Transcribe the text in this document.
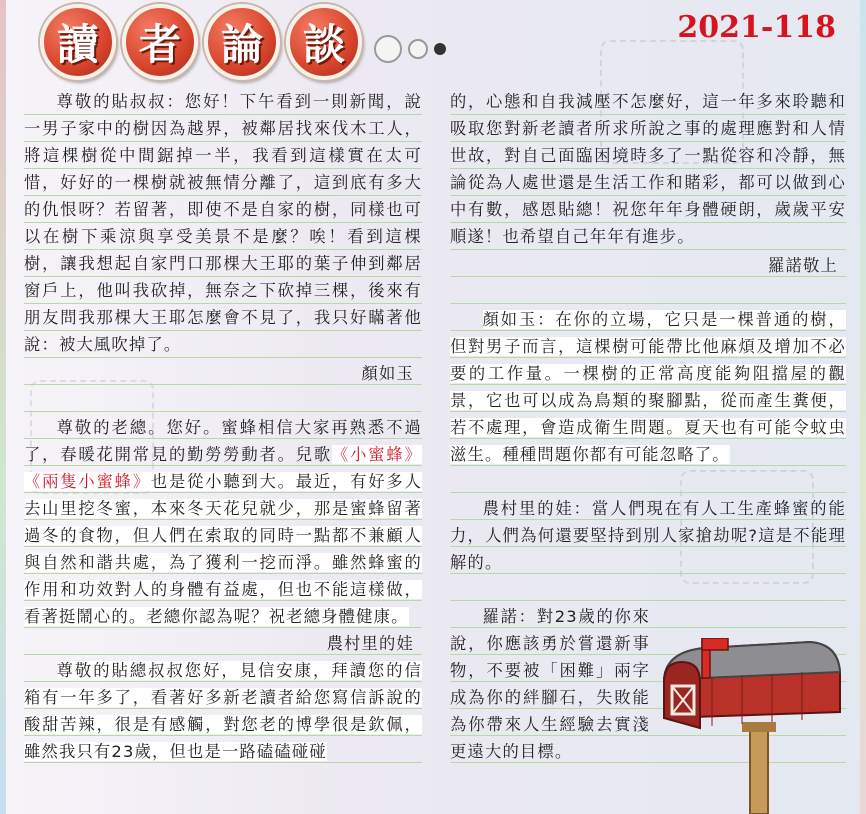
讀 者 論 談	2021-118

尊敬的貼叔叔：您好！下午看到一則新聞，說一男子家中的樹因為越界，被鄰居找來伐木工人，將這棵樹從中間鋸掉一半，我看到這樣實在太可惜，好好的一棵樹就被無情分離了，這到底有多大的仇恨呀？若留著，即使不是自家的樹，同樣也可以在樹下乘涼與享受美景不是麼？唉！看到這棵樹，讓我想起自家門口那棵大王耶的葉子伸到鄰居窗戶上，他叫我砍掉，無奈之下砍掉三棵，後來有朋友問我那棵大王耶怎麼會不見了，我只好瞞著他說：被大風吹掉了。

顏如玉

尊敬的老總。您好。蜜蜂相信大家再熟悉不過了，春暖花開常見的勤勞勞動者。兒歌《小蜜蜂》《兩隻小蜜蜂》也是從小聽到大。最近，有好多人去山里挖冬蜜，本來冬天花兒就少，那是蜜蜂留著過冬的食物，但人們在索取的同時一點都不兼顧人與自然和諧共處，為了獲利一挖而淨。雖然蜂蜜的作用和功效對人的身體有益處，但也不能這樣做，看著挺鬧心的。老總你認為呢？祝老總身體健康。
農村里的娃

尊敬的貼總叔叔您好，見信安康，拜讀您的信箱有一年多了，看著好多新老讀者給您寫信訴說的酸甜苦辣，很是有感觸，對您老的博學很是欽佩，雖然我只有23歲，但也是一路磕磕碰碰

的，心態和自我減壓不怎麼好，這一年多來聆聽和吸取您對新老讀者所求所說之事的處理應對和人情世故，對自己面臨困境時多了一點從容和冷靜，無論從為人處世還是生活工作和賭彩，都可以做到心中有數，感恩貼總！祝您年年身體硬朗，歲歲平安順遂！也希望自己年年有進步。

羅諾敬上

顏如玉：在你的立場，它只是一棵普通的樹，但對男子而言，這棵樹可能帶比他麻煩及增加不必要的工作量。一棵樹的正常高度能夠阻擋屋的觀景，它也可以成為鳥類的聚腳點，從而產生糞便，若不處理，會造成衛生問題。夏天也有可能令蚊虫滋生。種種問題你都有可能忽略了。

農村里的娃：當人們現在有人工生產蜂蜜的能力，人們為何還要堅持到別人家搶劫呢?這是不能理解的。

羅諾：對23歲的你來說，你應該勇於嘗還新事物，不要被「困難」兩字成為你的絆腳石，失敗能為你帶來人生經驗去實淺更遠大的目標。
